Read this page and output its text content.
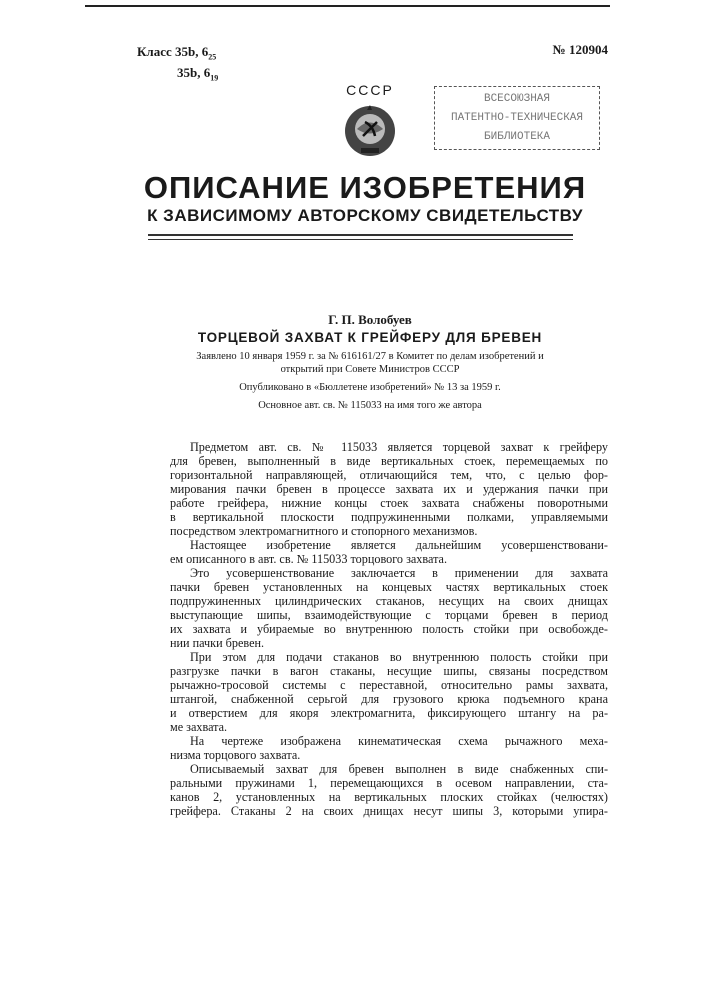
Класс 35b, 625
35b, 619
№ 120904
СССР
ВСЕСОЮЗНАЯ
ПАТЕНТНО-ТЕХНИЧЕСКАЯ
БИБЛИОТЕКА
ОПИСАНИЕ ИЗОБРЕТЕНИЯ
К ЗАВИСИМОМУ АВТОРСКОМУ СВИДЕТЕЛЬСТВУ
Г. П. Волобуев
ТОРЦЕВОЙ ЗАХВАТ К ГРЕЙФЕРУ ДЛЯ БРЕВЕН
Заявлено 10 января 1959 г. за № 616161/27 в Комитет по делам изобретений и
открытий при Совете Министров СССР
Опубликовано в «Бюллетене изобретений» № 13 за 1959 г.
Основное авт. св. № 115033 на имя того же автора
Предметом авт. св. № 115033 является торцевой захват к грейферу
для бревен, выполненный в виде вертикальных стоек, перемещаемых по
горизонтальной направляющей, отличающийся тем, что, с целью фор-
мирования пачки бревен в процессе захвата их и удержания пачки при
работе грейфера, нижние концы стоек захвата снабжены поворотными
в вертикальной плоскости подпружиненными полками, управляемыми
посредством электромагнитного и стопорного механизмов.
Настоящее изобретение является дальнейшим усовершенствовани-
ем описанного в авт. св. № 115033 торцового захвата.
Это усовершенствование заключается в применении для захвата
пачки бревен установленных на концевых частях вертикальных стоек
подпружиненных цилиндрических стаканов, несущих на своих днищах
выступающие шипы, взаимодействующие с торцами бревен в период
их захвата и убираемые во внутреннюю полость стойки при освобожде-
нии пачки бревен.
При этом для подачи стаканов во внутреннюю полость стойки при
разгрузке пачки в вагон стаканы, несущие шипы, связаны посредством
рычажно-тросовой системы с переставной, относительно рамы захвата,
штангой, снабженной серьгой для грузового крюка подъемного крана
и отверстием для якоря электромагнита, фиксирующего штангу на ра-
ме захвата.
На чертеже изображена кинематическая схема рычажного меха-
низма торцового захвата.
Описываемый захват для бревен выполнен в виде снабженных спи-
ральными пружинами 1, перемещающихся в осевом направлении, ста-
канов 2, установленных на вертикальных плоских стойках (челюстях)
грейфера. Стаканы 2 на своих днищах несут шипы 3, которыми упира-
